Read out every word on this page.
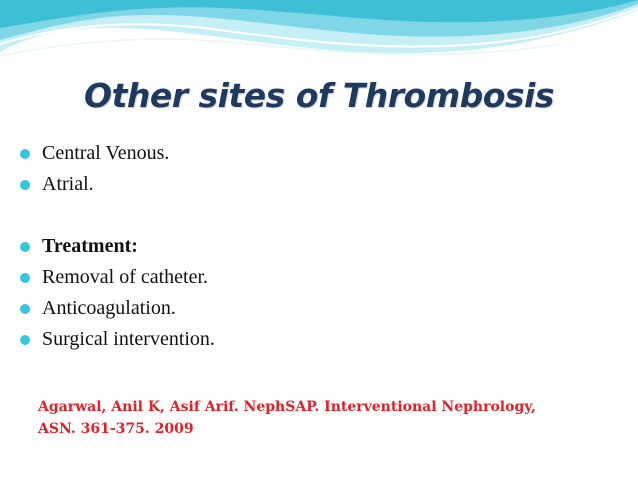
Other sites of Thrombosis
Central Venous.
Atrial.
Treatment:
Removal of catheter.
Anticoagulation.
Surgical intervention.
Agarwal, Anil K, Asif Arif. NephSAP. Interventional Nephrology,
ASN. 361-375. 2009
